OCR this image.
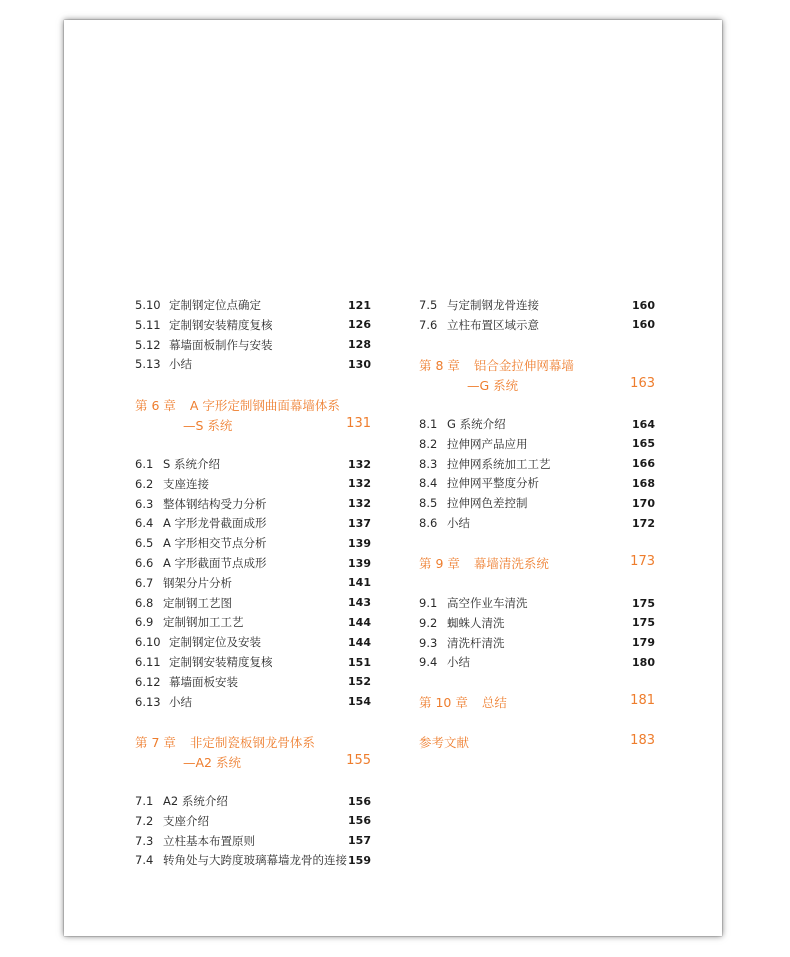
5.10 定制钢定位点确定	121
5.11 定制钢安装精度复核	126
5.12 幕墙面板制作与安装	128
5.13 小结	130
第 6 章 A 字形定制钢曲面幕墙体系
—S 系统	131
6.1 S 系统介绍	132
6.2 支座连接	132
6.3 整体钢结构受力分析	132
6.4 A 字形龙骨截面成形	137
6.5 A 字形相交节点分析	139
6.6 A 字形截面节点成形	139
6.7 钢架分片分析	141
6.8 定制钢工艺图	143
6.9 定制钢加工工艺	144
6.10 定制钢定位及安装	144
6.11 定制钢安装精度复核	151
6.12 幕墙面板安装	152
6.13 小结	154
第 7 章 非定制瓷板钢龙骨体系
—A2 系统	155
7.1 A2 系统介绍	156
7.2 支座介绍	156
7.3 立柱基本布置原则	157
7.4 转角处与大跨度玻璃幕墙龙骨的连接 159
7.5 与定制钢龙骨连接	160
7.6 立柱布置区域示意	160
第 8 章 铝合金拉伸网幕墙
—G 系统	163
8.1 G 系统介绍	164
8.2 拉伸网产品应用	165
8.3 拉伸网系统加工工艺	166
8.4 拉伸网平整度分析	168
8.5 拉伸网色差控制	170
8.6 小结	172
第 9 章 幕墙清洗系统	173
9.1 高空作业车清洗	175
9.2 蜘蛛人清洗	175
9.3 清洗杆清洗	179
9.4 小结	180
第 10 章 总结	181
参考文献	183
